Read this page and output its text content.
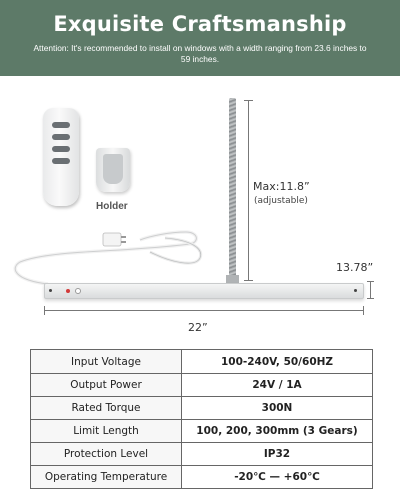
Exquisite Craftsmanship
Attention: It's recommended to install on windows with a width ranging from 23.6 inches to 59 inches.
Holder
Max:11.8”
(adjustable)
13.78”
22”
Input Voltage	100-240V, 50/60HZ
Output Power	24V / 1A
Rated Torque	300N
Limit Length	100, 200, 300mm (3 Gears)
Protection Level	IP32
Operating Temperature	-20℃ — +60℃
